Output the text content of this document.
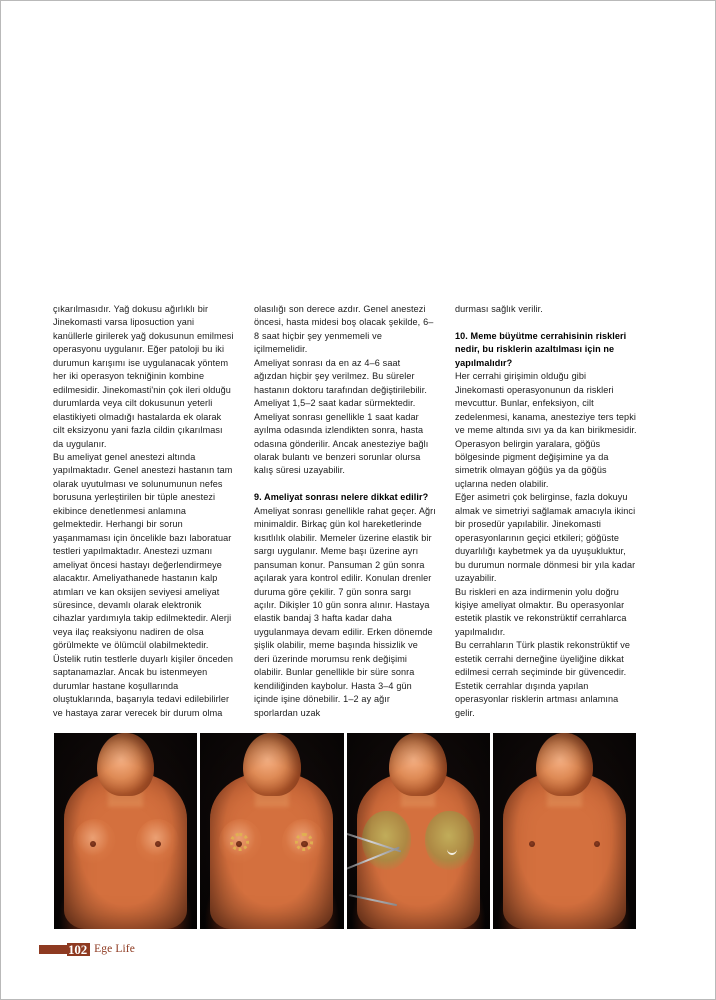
çıkarılmasıdır. Yağ dokusu ağırlıklı bir Jinekomasti varsa liposuction yani kanüllerle girilerek yağ dokusunun emilmesi operasyonu uygulanır. Eğer patoloji bu iki durumun karışımı ise uygulanacak yöntem her iki operasyon tekniğinin kombine edilmesidir. Jinekomasti'nin çok ileri olduğu durumlarda veya cilt dokusunun yeterli elastikiyeti olmadığı hastalarda ek olarak cilt eksizyonu yani fazla cildin çıkarılması da uygulanır.

Bu ameliyat genel anestezi altında yapılmaktadır. Genel anestezi hastanın tam olarak uyutulması ve solunumunun nefes borusuna yerleştirilen bir tüple anestezi ekibince denetlenmesi anlamına gelmektedir. Herhangi bir sorun yaşanmaması için öncelikle bazı laboratuar testleri yapılmaktadır. Anestezi uzmanı ameliyat öncesi hastayı değerlendirmeye alacaktır. Ameliyathanede hastanın kalp atımları ve kan oksijen seviyesi ameliyat süresince, devamlı olarak elektronik cihazlar yardımıyla takip edilmektedir. Alerji veya ilaç reaksiyonu nadiren de olsa görülmekte ve ölümcül olabilmektedir. Üstelik rutin testlerle duyarlı kişiler önceden saptanamazlar. Ancak bu istenmeyen durumlar hastane koşullarında oluştuklarında, başarıyla tedavi edilebilirler ve hastaya zarar verecek bir durum olma

olasılığı son derece azdır. Genel anestezi öncesi, hasta midesi boş olacak şekilde, 6–8 saat hiçbir şey yenmemeli ve içilmemelidir.

Ameliyat sonrası da en az 4–6 saat ağızdan hiçbir şey verilmez. Bu süreler hastanın doktoru tarafından değiştirilebilir. Ameliyat 1,5–2 saat kadar sürmektedir. Ameliyat sonrası genellikle 1 saat kadar ayılma odasında izlendikten sonra, hasta odasına gönderilir. Ancak anesteziye bağlı olarak bulantı ve benzeri sorunlar olursa kalış süresi uzayabilir.

9. Ameliyat sonrası nelere dikkat edilir?

Ameliyat sonrası genellikle rahat geçer. Ağrı minimaldir. Birkaç gün kol hareketlerinde kısıtlılık olabilir. Memeler üzerine elastik bir sargı uygulanır. Meme başı üzerine ayrı pansuman konur. Pansuman 2 gün sonra açılarak yara kontrol edilir. Konulan drenler duruma göre çekilir. 7 gün sonra sargı açılır. Dikişler 10 gün sonra alınır. Hastaya elastik bandaj 3 hafta kadar daha uygulanmaya devam edilir. Erken dönemde şişlik olabilir, meme başında hissizlik ve deri üzerinde morumsu renk değişimi olabilir. Bunlar genellikle bir süre sonra kendiliğinden kaybolur. Hasta 3–4 gün içinde işine dönebilir. 1–2 ay ağır sporlardan uzak

durması sağlık verilir.

10. Meme büyütme cerrahisinin riskleri nedir, bu risklerin azaltılması için ne yapılmalıdır?

Her cerrahi girişimin olduğu gibi Jinekomasti operasyonunun da riskleri mevcuttur. Bunlar, enfeksiyon, cilt zedelenmesi, kanama, anesteziye ters tepki ve meme altında sıvı ya da kan birikmesidir.

Operasyon belirgin yaralara, göğüs bölgesinde pigment değişimine ya da simetrik olmayan göğüs ya da göğüs uçlarına neden olabilir.

Eğer asimetri çok belirginse, fazla dokuyu almak ve simetriyi sağlamak amacıyla ikinci bir prosedür yapılabilir. Jinekomasti operasyonlarının geçici etkileri; göğüste duyarlılığı kaybetmek ya da uyuşukluktur, bu durumun normale dönmesi bir yıla kadar uzayabilir.

Bu riskleri en aza indirmenin yolu doğru kişiye ameliyat olmaktır. Bu operasyonlar estetik plastik ve rekonstrüktif cerrahlarca yapılmalıdır.

Bu cerrahların Türk plastik rekonstrüktif ve estetik cerrahi derneğine üyeliğine dikkat edilmesi cerrah seçiminde bir güvencedir. Estetik cerrahlar dışında yapılan operasyonlar risklerin artması anlamına gelir.

102 Ege Life
